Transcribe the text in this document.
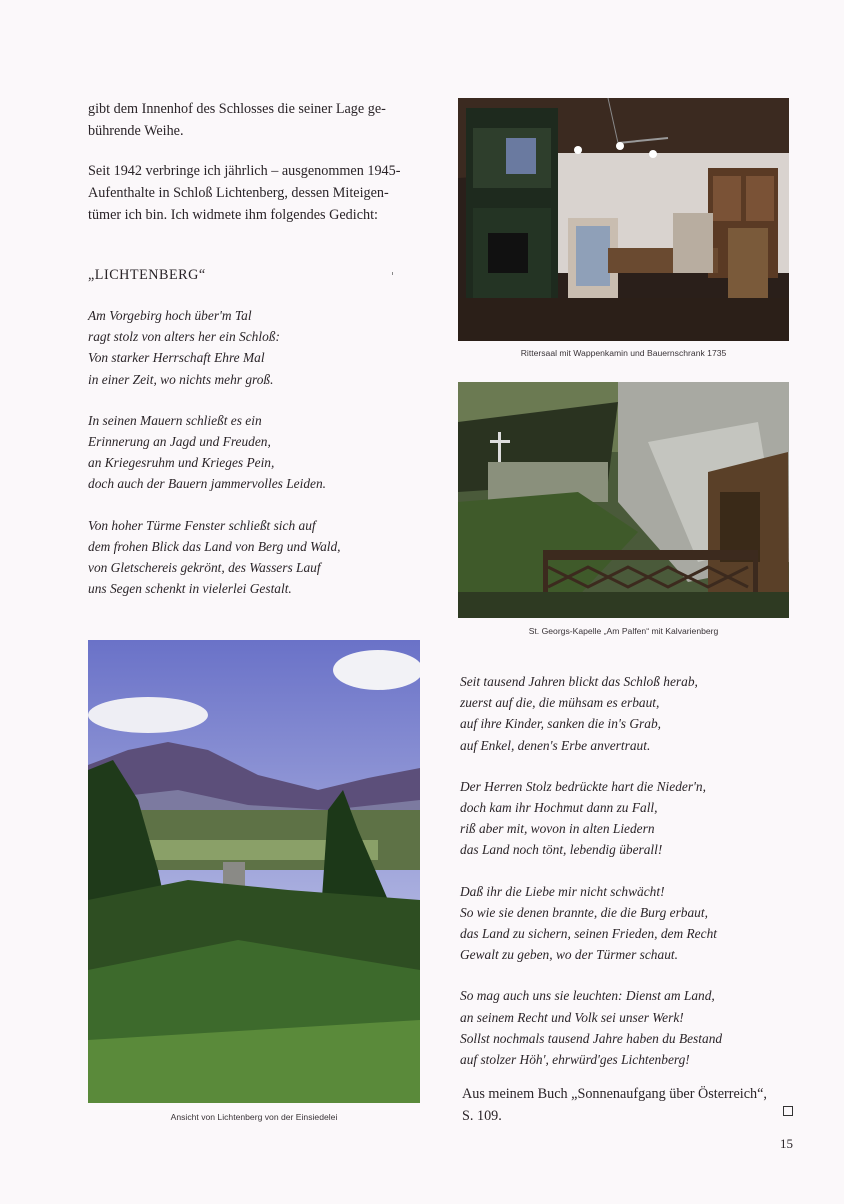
gibt dem Innenhof des Schlosses die seiner Lage ge-
bührende Weihe.
Seit 1942 verbringe ich jährlich – ausgenommen 1945-
Aufenthalte in Schloß Lichtenberg, dessen Miteigen-
tümer ich bin. Ich widmete ihm folgendes Gedicht:
„LICHTENBERG“
Am Vorgebirg hoch über'm Tal
ragt stolz von alters her ein Schloß:
Von starker Herrschaft Ehre Mal
in einer Zeit, wo nichts mehr groß.
In seinen Mauern schließt es ein
Erinnerung an Jagd und Freuden,
an Kriegesruhm und Krieges Pein,
doch auch der Bauern jammervolles Leiden.
Von hoher Türme Fenster schließt sich auf
dem frohen Blick das Land von Berg und Wald,
von Gletschereis gekrönt, des Wassers Lauf
uns Segen schenkt in vielerlei Gestalt.
Rittersaal mit Wappenkamin und Bauernschrank 1735
St. Georgs-Kapelle „Am Palfen“ mit Kalvarienberg
Ansicht von Lichtenberg von der Einsiedelei
Seit tausend Jahren blickt das Schloß herab,
zuerst auf die, die mühsam es erbaut,
auf ihre Kinder, sanken die in's Grab,
auf Enkel, denen's Erbe anvertraut.
Der Herren Stolz bedrückte hart die Nieder'n,
doch kam ihr Hochmut dann zu Fall,
riß aber mit, wovon in alten Liedern
das Land noch tönt, lebendig überall!
Daß ihr die Liebe mir nicht schwächt!
So wie sie denen brannte, die die Burg erbaut,
das Land zu sichern, seinen Frieden, dem Recht
Gewalt zu geben, wo der Türmer schaut.
So mag auch uns sie leuchten: Dienst am Land,
an seinem Recht und Volk sei unser Werk!
Sollst nochmals tausend Jahre haben du Bestand
auf stolzer Höh', ehrwürd'ges Lichtenberg!
Aus meinem Buch „Sonnenaufgang über Österreich“,
S. 109.
15
